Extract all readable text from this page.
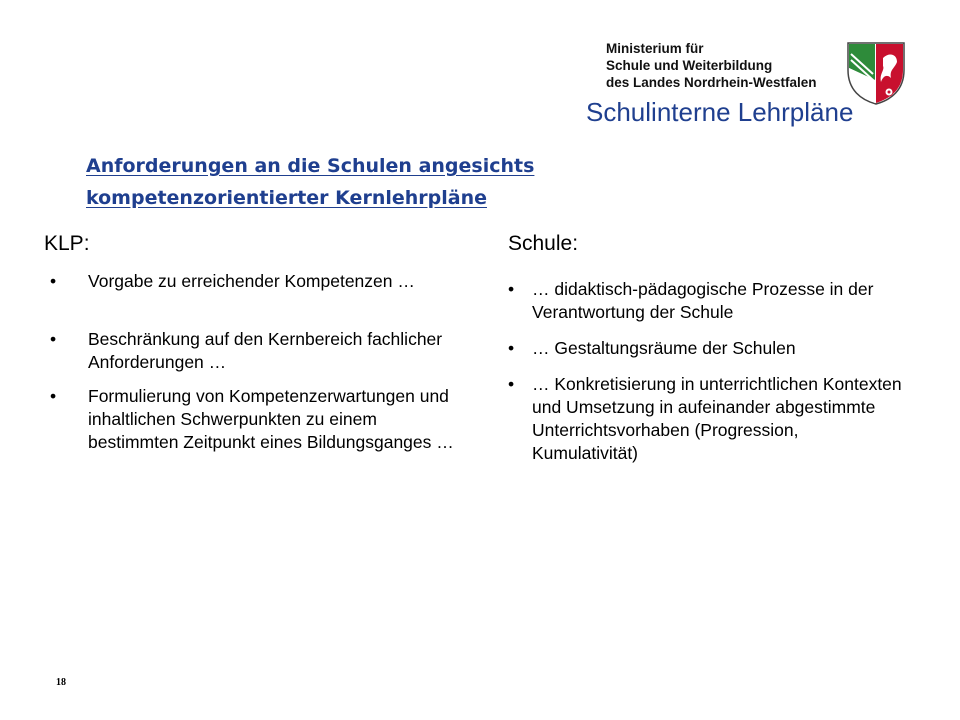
Ministerium für
Schule und Weiterbildung
des Landes Nordrhein-Westfalen
Schulinterne Lehrpläne
Anforderungen an die Schulen angesichts
kompetenzorientierter Kernlehrpläne
KLP:
• Vorgabe zu erreichender Kompetenzen …
• Beschränkung auf den Kernbereich fachlicher Anforderungen …
• Formulierung von Kompetenzerwartungen und inhaltlichen Schwerpunkten zu einem bestimmten Zeitpunkt eines Bildungsganges …
Schule:
• … didaktisch-pädagogische Prozesse in der Verantwortung der Schule
• … Gestaltungsräume der Schulen
• … Konkretisierung in unterrichtlichen Kontexten und Umsetzung in aufeinander abgestimmte Unterrichtsvorhaben (Progression, Kumulativität)
18
